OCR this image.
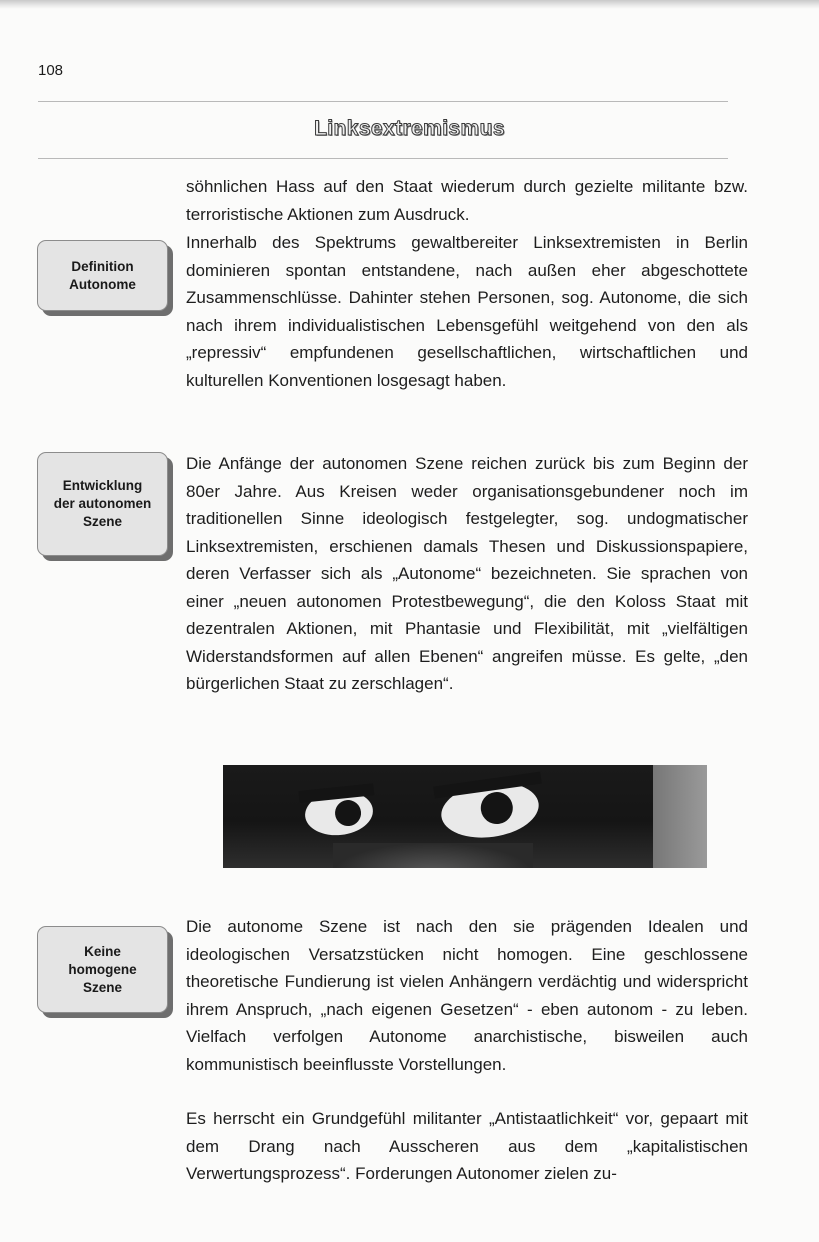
108
Linksextremismus

söhnlichen Hass auf den Staat wiederum durch gezielte militante bzw. terroristische Aktionen zum Ausdruck.

Definition
Autonome

Innerhalb des Spektrums gewaltbereiter Linksextremisten in Berlin dominieren spontan entstandene, nach außen eher abgeschottete Zusammenschlüsse. Dahinter stehen Personen, sog. Autonome, die sich nach ihrem individualistischen Lebensgefühl weitgehend von den als „repressiv“ empfundenen gesellschaftlichen, wirtschaftlichen und kulturellen Konventionen losgesagt haben.

Entwicklung
der autonomen
Szene

Die Anfänge der autonomen Szene reichen zurück bis zum Beginn der 80er Jahre. Aus Kreisen weder organisationsgebundener noch im traditionellen Sinne ideologisch festgelegter, sog. undogmatischer Linksextremisten, erschienen damals Thesen und Diskussionspapiere, deren Verfasser sich als „Autonome“ bezeichneten. Sie sprachen von einer „neuen autonomen Protestbewegung“, die den Koloss Staat mit dezentralen Aktionen, mit Phantasie und Flexibilität, mit „vielfältigen Widerstandsformen auf allen Ebenen“ angreifen müsse. Es gelte, „den bürgerlichen Staat zu zerschlagen“.

Keine
homogene
Szene

Die autonome Szene ist nach den sie prägenden Idealen und ideologischen Versatzstücken nicht homogen. Eine geschlossene theoretische Fundierung ist vielen Anhängern verdächtig und widerspricht ihrem Anspruch, „nach eigenen Gesetzen“ - eben autonom - zu leben. Vielfach verfolgen Autonome anarchistische, bisweilen auch kommunistisch beeinflusste Vorstellungen.

Es herrscht ein Grundgefühl militanter „Antistaatlichkeit“ vor, gepaart mit dem Drang nach Ausscheren aus dem „kapitalistischen Verwertungsprozess“. Forderungen Autonomer zielen zu-
